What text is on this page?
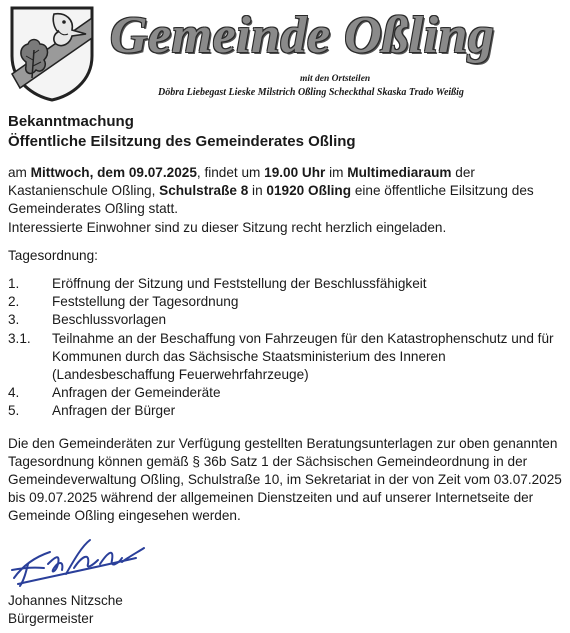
Gemeinde Oßling
mit den Ortsteilen
Döbra Liebegast Lieske Milstrich Oßling Scheckthal Skaska Trado Weißig

Bekanntmachung

Öffentliche Eilsitzung des Gemeinderates Oßling

am Mittwoch, dem 09.07.2025, findet um 19.00 Uhr im Multimediaraum der Kastanienschule Oßling, Schulstraße 8 in 01920 Oßling eine öffentliche Eilsitzung des Gemeinderates Oßling statt.

Interessierte Einwohner sind zu dieser Sitzung recht herzlich eingeladen.

Tagesordnung:

1.	Eröffnung der Sitzung und Feststellung der Beschlussfähigkeit
2.	Feststellung der Tagesordnung
3.	Beschlussvorlagen
3.1.	Teilnahme an der Beschaffung von Fahrzeugen für den Katastrophenschutz und für Kommunen durch das Sächsische Staatsministerium des Inneren (Landesbeschaffung Feuerwehrfahrzeuge)
4.	Anfragen der Gemeinderäte
5.	Anfragen der Bürger

Die den Gemeinderäten zur Verfügung gestellten Beratungsunterlagen zur oben genannten Tagesordnung können gemäß § 36b Satz 1 der Sächsischen Gemeindeordnung in der Gemeindeverwaltung Oßling, Schulstraße 10, im Sekretariat in der von Zeit vom 03.07.2025 bis 09.07.2025 während der allgemeinen Dienstzeiten und auf unserer Internetseite der Gemeinde Oßling eingesehen werden.

Johannes Nitzsche
Bürgermeister
